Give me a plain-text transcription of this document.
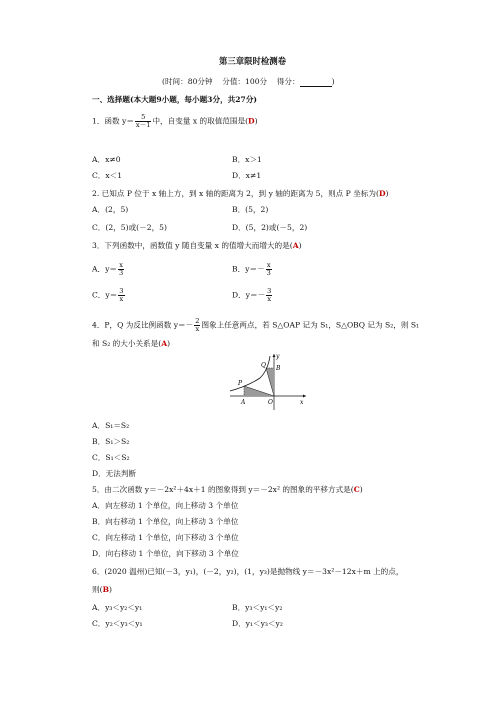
第三章限时检测卷
(时间：80分钟 分值：100分 得分：	)
一、选择题(本大题9小题，每小题3分，共27分)
1．函数 $y= \frac{5}{x-1}$ 中，自变量 x 的取值范围是(D)
A．x≠0	B．x＞1
C．x＜1	D．x≠1
2. 已知点 P 位于 x 轴上方，到 x 轴的距离为 2，到 y 轴的距离为 5，则点 P 坐标为(D)
A．(2，5)	B．(5，2)
C．(2，5)或(－2，5)	D．(5，2)或(－5，2)
3．下列函数中，函数值 y 随自变量 x 的值增大而增大的是(A)
A．$y= \frac{x}{3}$	B．$y=- \frac{x}{3}$
C．$y= \frac{3}{x}$	D．$y=- \frac{3}{x}$
4．P，Q 为反比例函数 $y=- \frac{2}{x}$ 图象上任意两点，若 S△OAP 记为 S₁，S△OBQ 记为 S₂，则 S₁
和 S₂ 的大小关系是(A)
Q
P
B
A	O	x
y
A．S₁＝S₂
B．S₁＞S₂
C．S₁＜S₂
D．无法判断
5．由二次函数 y＝－2x²＋4x＋1 的图象得到 y＝－2x² 的图象的平移方式是(C)
A．向左移动 1 个单位，向上移动 3 个单位
B．向右移动 1 个单位，向上移动 3 个单位
C．向左移动 1 个单位，向下移动 3 个单位
D．向右移动 1 个单位，向下移动 3 个单位
6．(2020 温州)已知(－3，y₁)，(－2，y₂)，(1，y₃)是抛物线 y＝－3x²－12x＋m 上的点，
则(B)
A．y₃＜y₂＜y₁	B．y₃＜y₁＜y₂
C．y₂＜y₃＜y₁	D．y₁＜y₃＜y₂
